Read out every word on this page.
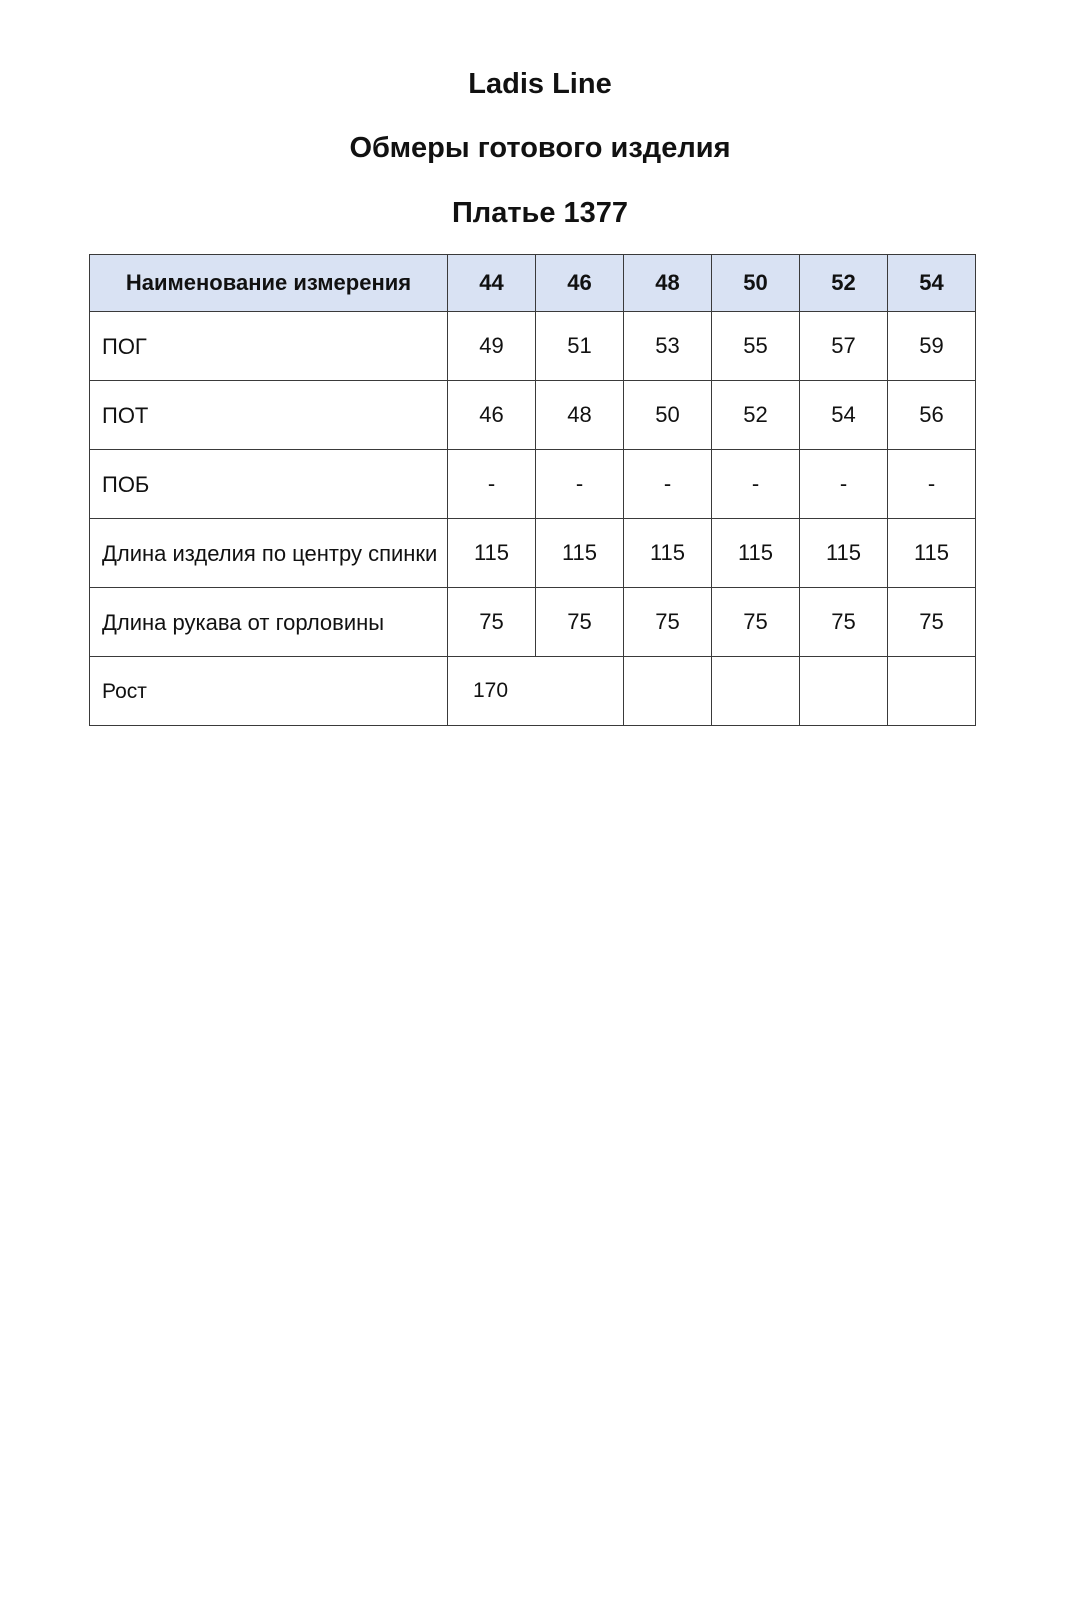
Ladis Line
Обмеры готового изделия
Платье 1377
Наименование измерения	44	46	48	50	52	54
ПОГ	49	51	53	55	57	59
ПОТ	46	48	50	52	54	56
ПОБ	-	-	-	-	-	-
Длина изделия по центру спинки	115	115	115	115	115	115
Длина рукава от горловины	75	75	75	75	75	75
Рост	170					
